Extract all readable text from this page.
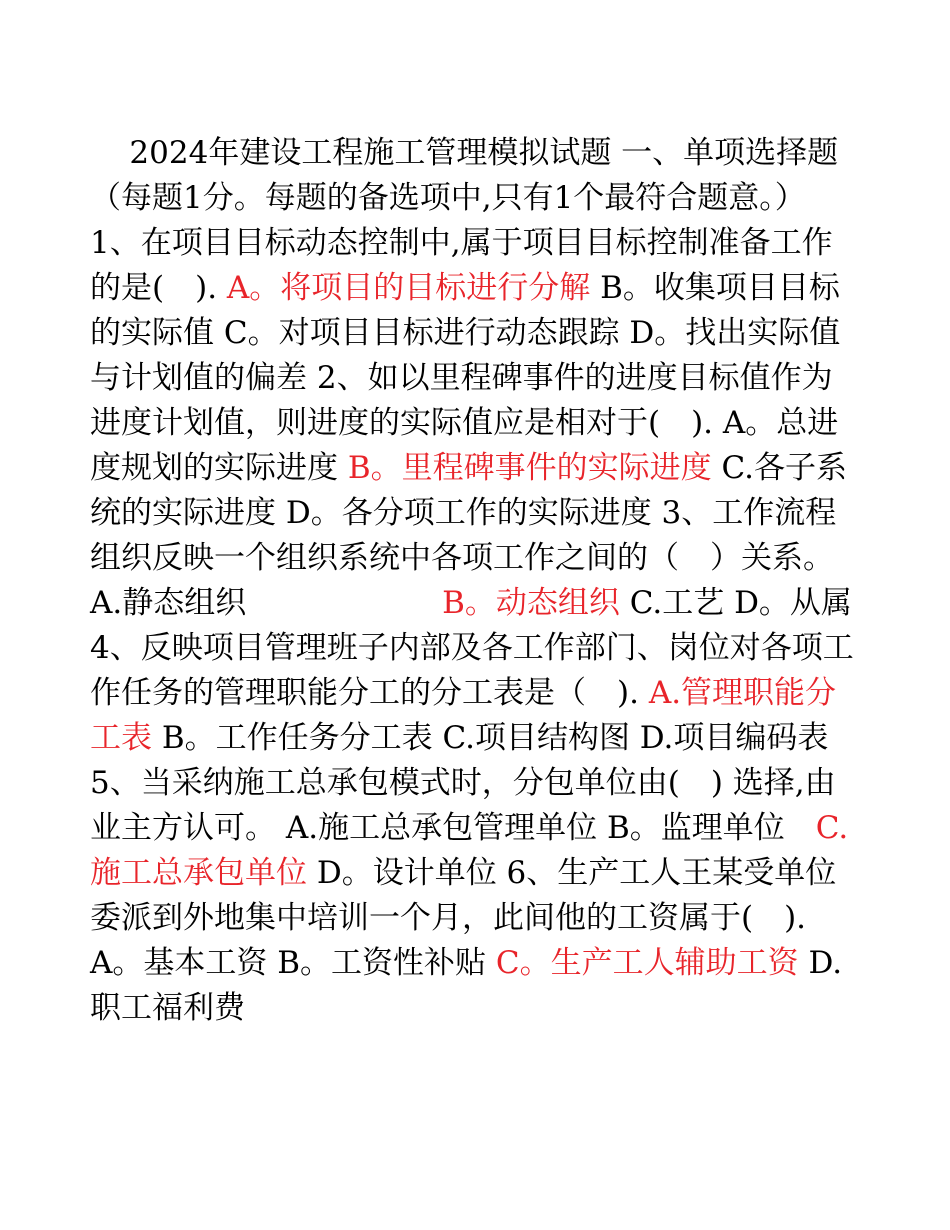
2024年建设工程施工管理模拟试题 一、单项选择题（每题1分。每题的备选项中,只有1个最符合题意。） 1、在项目目标动态控制中,属于项目目标控制准备工作的是(　). A。将项目的目标进行分解 B。收集项目目标的实际值 C。对项目目标进行动态跟踪 D。找出实际值与计划值的偏差 2、如以里程碑事件的进度目标值作为进度计划值，则进度的实际值应是相对于(　). A。总进度规划的实际进度 B。里程碑事件的实际进度 C.各子系统的实际进度 D。各分项工作的实际进度 3、工作流程组织反映一个组织系统中各项工作之间的（　）关系。 A.静态组织　　　　　　 B。动态组织 C.工艺 D。从属 4、反映项目管理班子内部及各工作部门、岗位对各项工作任务的管理职能分工的分工表是（　). A.管理职能分工表 B。工作任务分工表 C.项目结构图 D.项目编码表 5、当采纳施工总承包模式时，分包单位由(　) 选择,由业主方认可。 A.施工总承包管理单位 B。监理单位　C.施工总承包单位 D。设计单位 6、生产工人王某受单位委派到外地集中培训一个月，此间他的工资属于(　). A。基本工资 B。工资性补贴 C。生产工人辅助工资 D.职工福利费
